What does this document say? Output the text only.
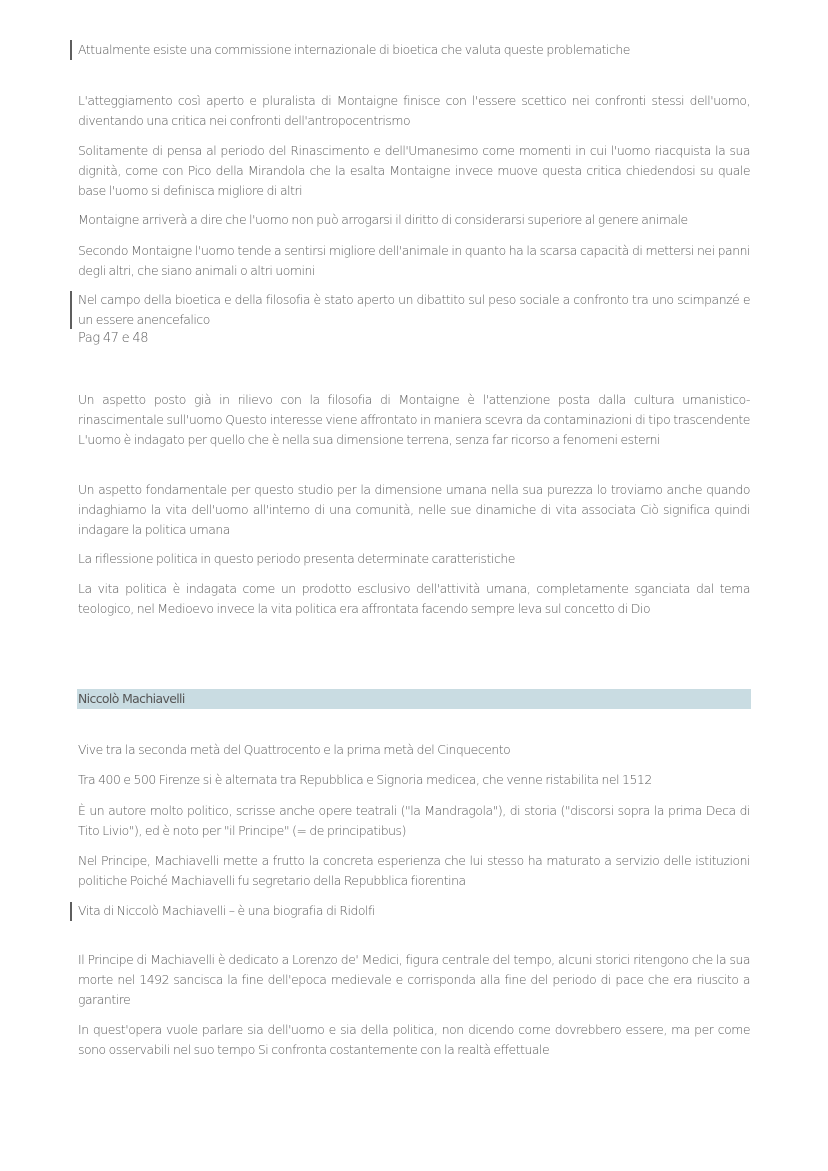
Attualmente esiste una commissione internazionale di bioetica che valuta queste problematiche
L'atteggiamento così aperto e pluralista di Montaigne finisce con l'essere scettico nei confronti stessi dell'uomo, diventando una critica nei confronti dell'antropocentrismo
Solitamente di pensa al periodo del Rinascimento e dell'Umanesimo come momenti in cui l'uomo riacquista la sua dignità, come con Pico della Mirandola che la esalta Montaigne invece muove questa critica chiedendosi su quale base l'uomo si definisca migliore di altri
Montaigne arriverà a dire che l'uomo non può arrogarsi il diritto di considerarsi superiore al genere animale
Secondo Montaigne l'uomo tende a sentirsi migliore dell'animale in quanto ha la scarsa capacità di mettersi nei panni degli altri, che siano animali o altri uomini
Nel campo della bioetica e della filosofia è stato aperto un dibattito sul peso sociale a confronto tra uno scimpanzé e un essere anencefalico
Pag 47 e 48
Un aspetto posto già in rilievo con la filosofia di Montaigne è l'attenzione posta dalla cultura umanistico-rinascimentale sull'uomo Questo interesse viene affrontato in maniera scevra da contaminazioni di tipo trascendente L'uomo è indagato per quello che è nella sua dimensione terrena, senza far ricorso a fenomeni esterni
Un aspetto fondamentale per questo studio per la dimensione umana nella sua purezza lo troviamo anche quando indaghiamo la vita dell'uomo all'interno di una comunità, nelle sue dinamiche di vita associata Ciò significa quindi indagare la politica umana
La riflessione politica in questo periodo presenta determinate caratteristiche
La vita politica è indagata come un prodotto esclusivo dell'attività umana, completamente sganciata dal tema teologico, nel Medioevo invece la vita politica era affrontata facendo sempre leva sul concetto di Dio
Niccolò Machiavelli
Vive tra la seconda metà del Quattrocento e la prima metà del Cinquecento
Tra 400 e 500 Firenze si è alternata tra Repubblica e Signoria medicea, che venne ristabilita nel 1512
È un autore molto politico, scrisse anche opere teatrali ("la Mandragola"), di storia ("discorsi sopra la prima Deca di Tito Livio"), ed è noto per "il Principe" (= de principatibus)
Nel Principe, Machiavelli mette a frutto la concreta esperienza che lui stesso ha maturato a servizio delle istituzioni politiche Poiché Machiavelli fu segretario della Repubblica fiorentina
Vita di Niccolò Machiavelli – è una biografia di Ridolfi
Il Principe di Machiavelli è dedicato a Lorenzo de' Medici, figura centrale del tempo, alcuni storici ritengono che la sua morte nel 1492 sancisca la fine dell'epoca medievale e corrisponda alla fine del periodo di pace che era riuscito a garantire
In quest'opera vuole parlare sia dell'uomo e sia della politica, non dicendo come dovrebbero essere, ma per come sono osservabili nel suo tempo Si confronta costantemente con la realtà effettuale
